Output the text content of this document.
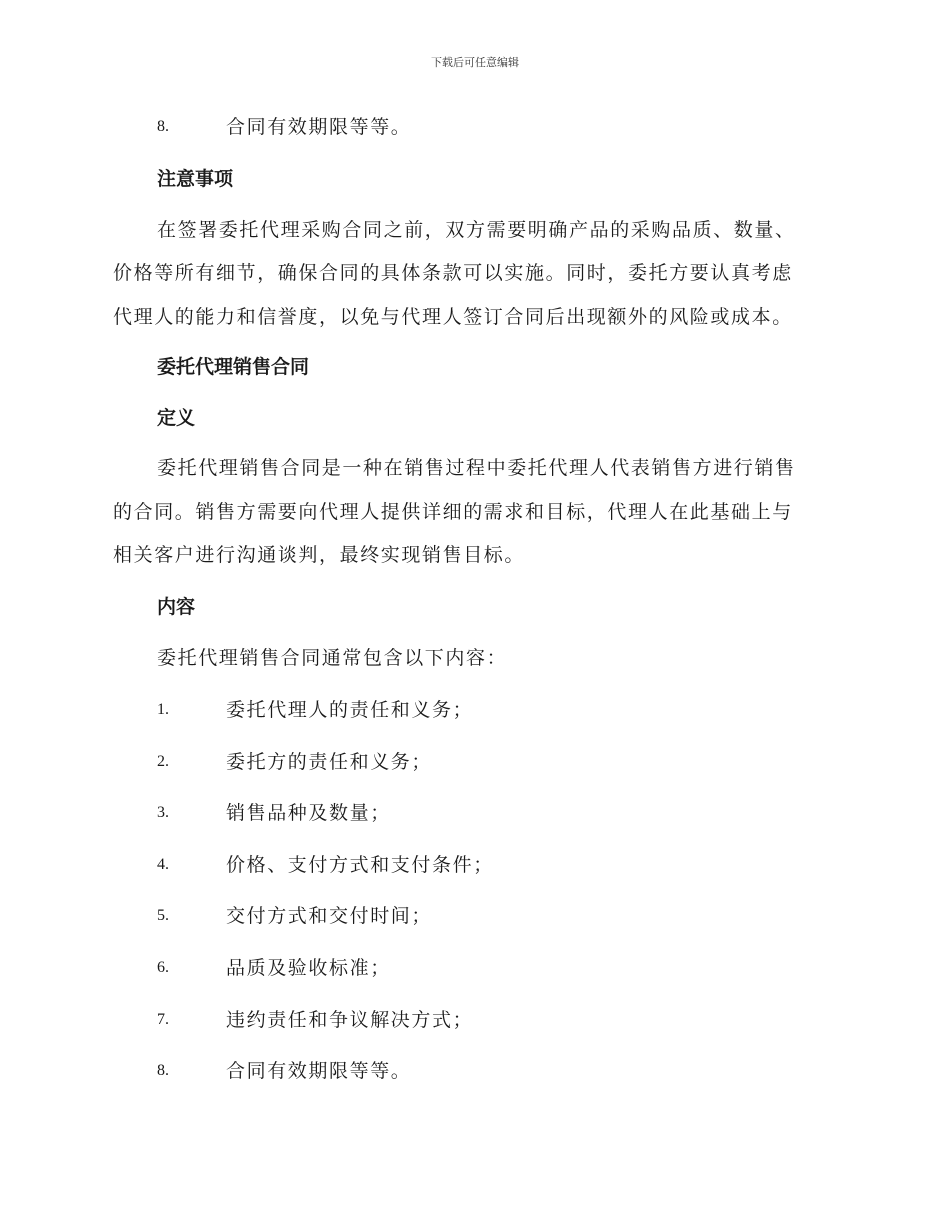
下载后可任意编辑
8.	合同有效期限等等。
注意事项
在签署委托代理采购合同之前，双方需要明确产品的采购品质、数量、
价格等所有细节，确保合同的具体条款可以实施。同时，委托方要认真考虑
代理人的能力和信誉度，以免与代理人签订合同后出现额外的风险或成本。
委托代理销售合同
定义
委托代理销售合同是一种在销售过程中委托代理人代表销售方进行销售
的合同。销售方需要向代理人提供详细的需求和目标，代理人在此基础上与
相关客户进行沟通谈判，最终实现销售目标。
内容
委托代理销售合同通常包含以下内容：
1.	委托代理人的责任和义务；
2.	委托方的责任和义务；
3.	销售品种及数量；
4.	价格、支付方式和支付条件；
5.	交付方式和交付时间；
6.	品质及验收标准；
7.	违约责任和争议解决方式；
8.	合同有效期限等等。
